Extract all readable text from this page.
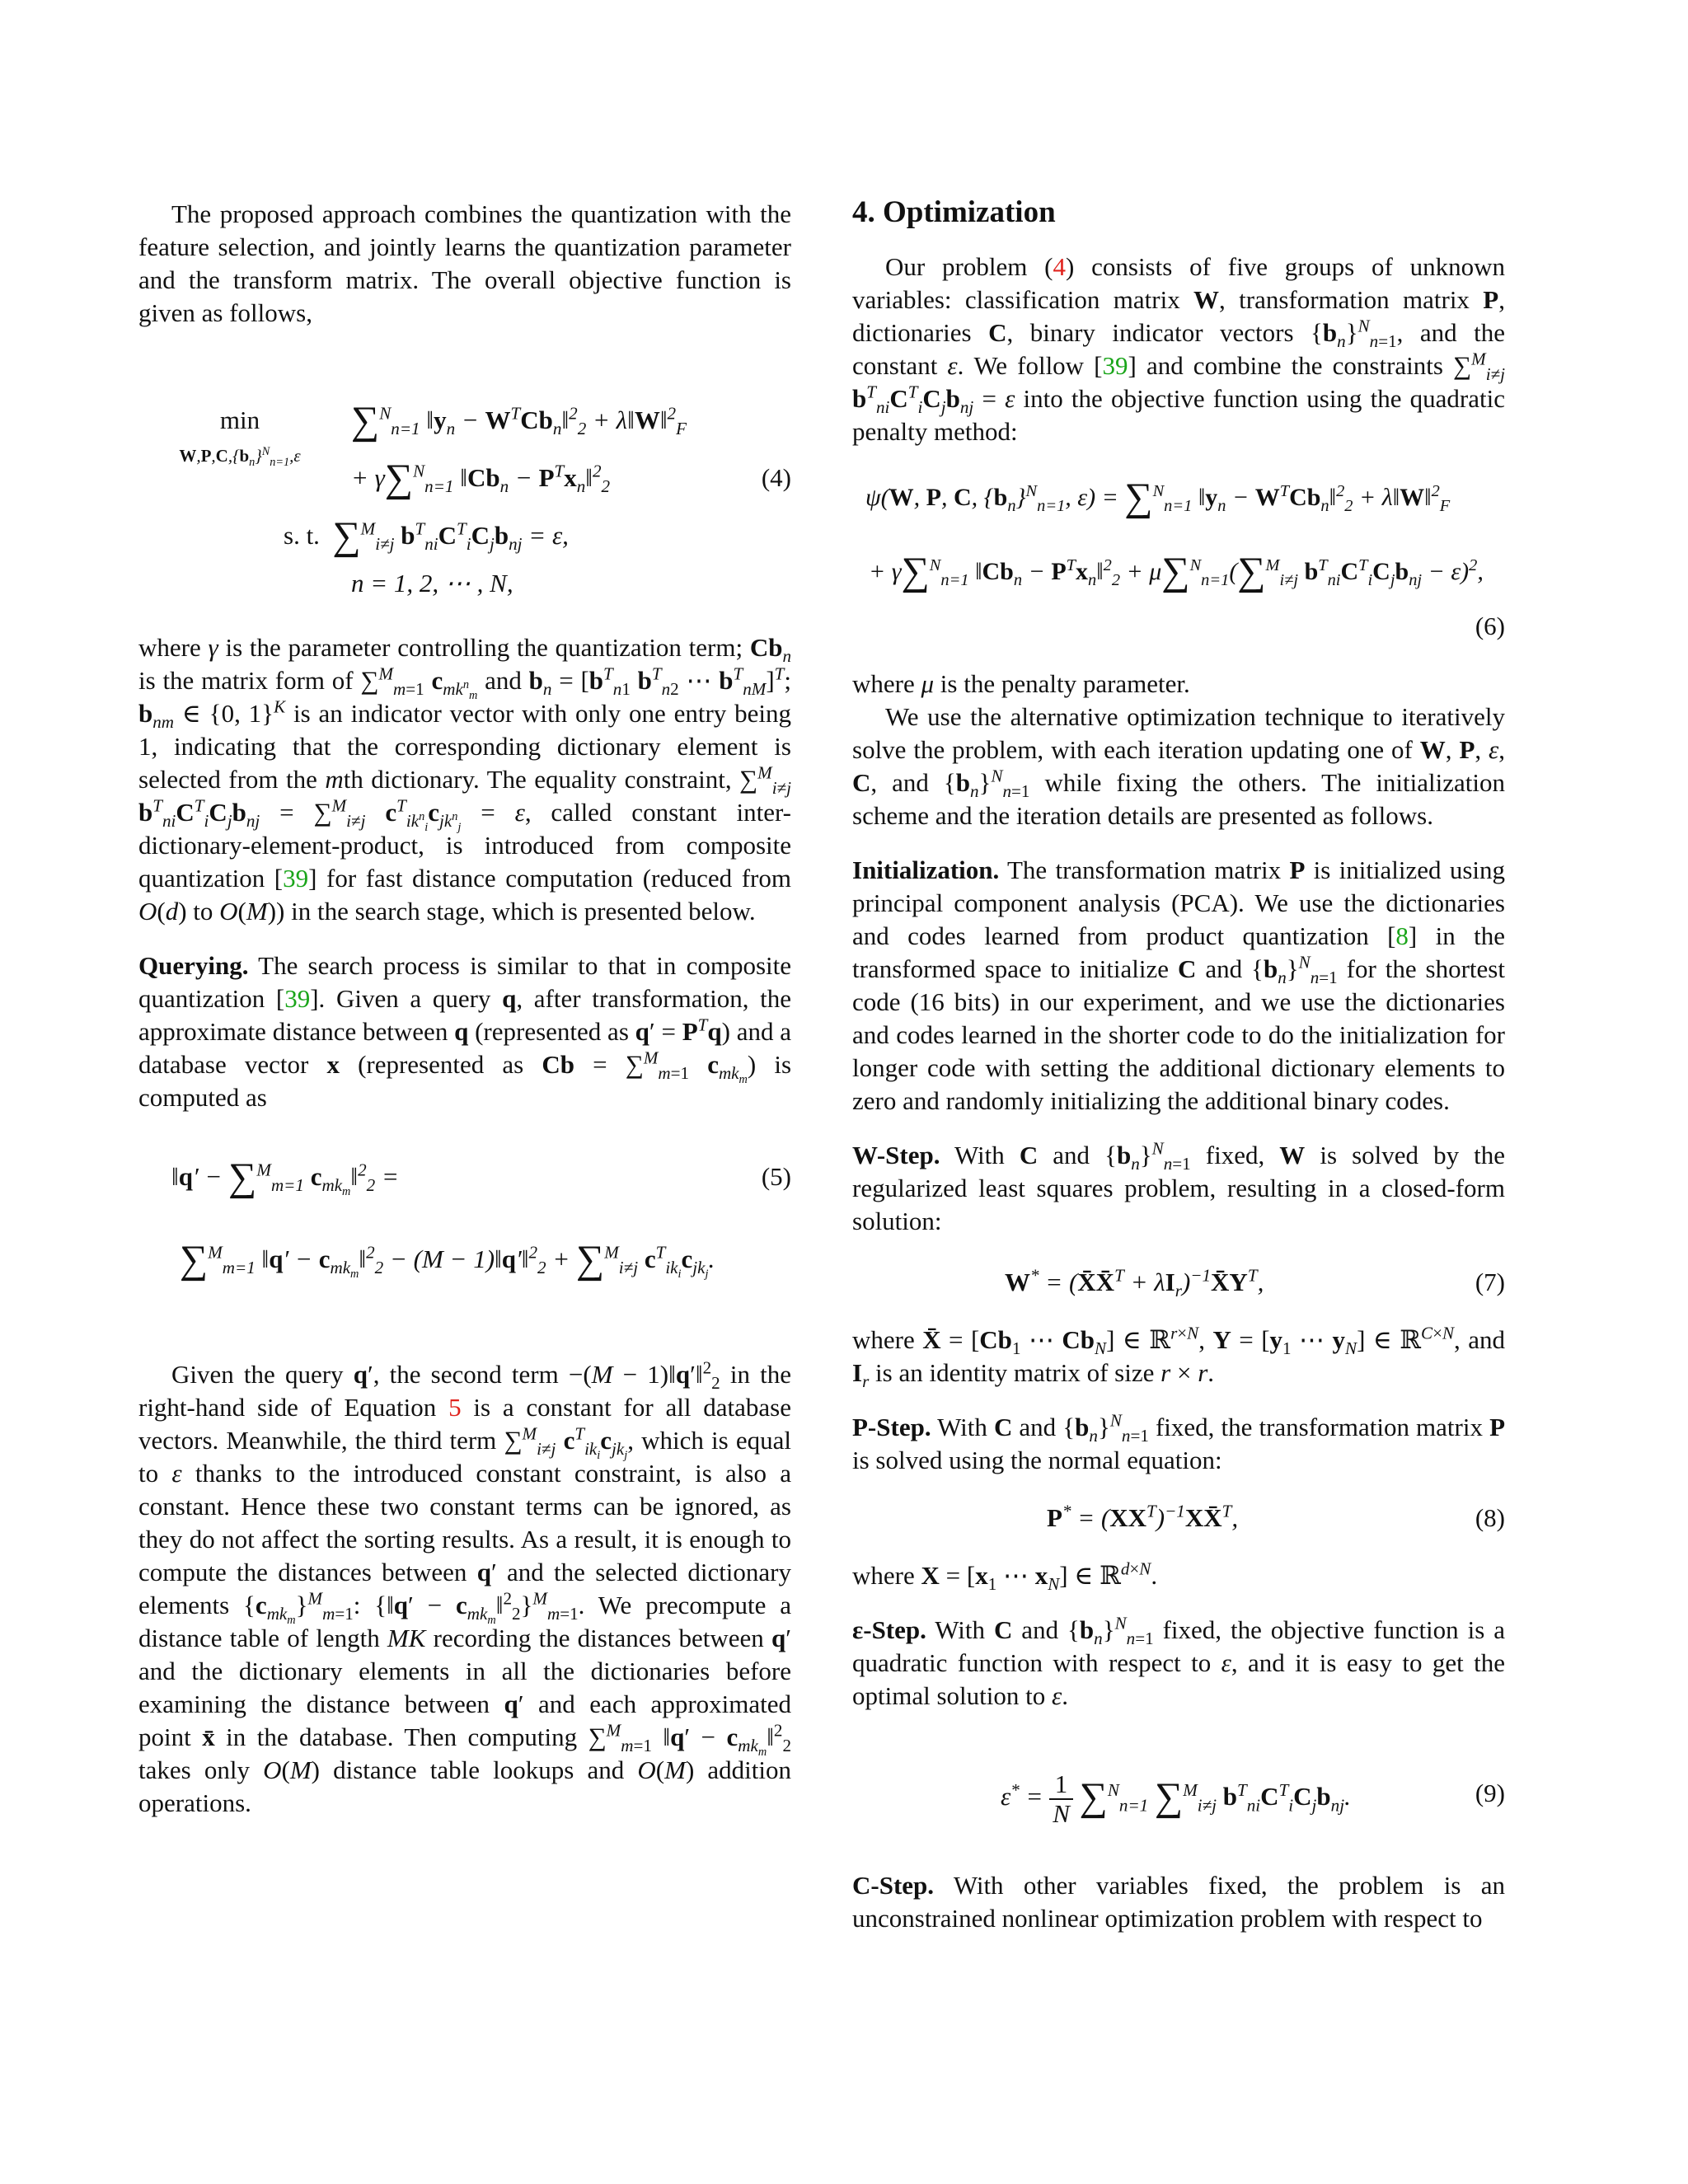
The proposed approach combines the quantization with the feature selection, and jointly learns the quantization parameter and the transform matrix. The overall objective function is given as follows,

min
$W,P,C,\{b_n\}^N_{n=1},\varepsilon$
∑$^N_{n=1}$ $‖y_n$ − $W^TCb_n‖^2_2$ + λ‖W‖$^2_F$
+ γ∑$^N_{n=1}$ $‖Cb_n$ − $P^Tx_n‖^2_2$	(4)
s. t. ∑$^M_{i\ne j}$ $b^T_{ni}C^T_iC_jb_{nj} = \varepsilon$,
n = 1, 2, ⋯ , N,

where γ is the parameter controlling the quantization term; $Cb_n$ is the matrix form of ∑$^M_{m=1}$ $c_{mk^n_m}$ and $b_n = [b^T_{n1}$ $b^T_{n2}$ ⋯ $b^T_{nM}]^T$; $b_{nm}$ ∈ {0, 1}$^K$ is an indicator vector with only one entry being 1, indicating that the corresponding dictionary element is selected from the mth dictionary. The equality constraint, ∑$^M_{i\ne j}$ $b^T_{ni}C^T_iC_jb_{nj} = \sum^M_{i\ne j}$ $c^T_{ik^n_i}c_{jk^n_j} = \varepsilon$, called constant inter-dictionary-element-product, is introduced from composite quantization [39] for fast distance computation (reduced from O(d) to O(M)) in the search stage, which is presented below.

Querying. The search process is similar to that in composite quantization [39]. Given a query q, after transformation, the approximate distance between q (represented as $q' = P^Tq$) and a database vector x (represented as Cb = ∑$^M_{m=1}$ $c_{mk_m}$) is computed as

‖q′ − ∑$^M_{m=1}$ $c_{mk_m}‖^2_2$ =	(5)
∑$^M_{m=1}$ ‖q′ − $c_{mk_m}‖^2_2 - (M$ − 1)‖q′‖$^2_2$ + ∑$^M_{i\ne j}$ $c^T_{ik_i}c_{jk_j}$.

Given the query q′, the second term −(M − 1)‖q′‖$^2_2$ in the right-hand side of Equation 5 is a constant for all database vectors. Meanwhile, the third term ∑$^M_{i\ne j}$ $c^T_{ik_i}c_{jk_j}$, which is equal to ε thanks to the introduced constant constraint, is also a constant. Hence these two constant terms can be ignored, as they do not affect the sorting results. As a result, it is enough to compute the distances between q′ and the selected dictionary elements $\{c_{mk_m}\}^M_{m=1}$: {‖q′ − $c_{mk_m}‖^2_2\}^M_{m=1}$. We precompute a distance table of length MK recording the distances between q′ and the dictionary elements in all the dictionaries before examining the distance between q′ and each approximated point x̄ in the database. Then computing ∑$^M_{m=1}$ ‖q′ − $c_{mk_m}‖^2_2$ takes only O(M) distance table lookups and O(M) addition operations.

4. Optimization

Our problem (4) consists of five groups of unknown variables: classification matrix W, transformation matrix P, dictionaries C, binary indicator vectors $\{b_n\}^N_{n=1}$, and the constant ε. We follow [39] and combine the constraints ∑$^M_{i\ne j}$ $b^T_{ni}C^T_iC_jb_{nj} = \varepsilon$ into the objective function using the quadratic penalty method:

ψ(W, P, C, $\{b_n\}^N_{n=1}$, ε) = ∑$^N_{n=1}$ $‖y_n$ − $W^TCb_n‖^2_2$ + λ‖W‖$^2_F$
+ γ∑$^N_{n=1}$ $‖Cb_n$ − $P^Tx_n‖^2_2 + \mu\sum^N_{n=1}(\sum^M_{i\ne j}$ $b^T_{ni}C^T_iC_jb_{nj} - \varepsilon)^2$,
(6)

where μ is the penalty parameter.

We use the alternative optimization technique to iteratively solve the problem, with each iteration updating one of W, P, ε, C, and $\{b_n\}^N_{n=1}$ while fixing the others. The initialization scheme and the iteration details are presented as follows.

Initialization. The transformation matrix P is initialized using principal component analysis (PCA). We use the dictionaries and codes learned from product quantization [8] in the transformed space to initialize C and $\{b_n\}^N_{n=1}$ for the shortest code (16 bits) in our experiment, and we use the dictionaries and codes learned in the shorter code to do the initialization for longer code with setting the additional dictionary elements to zero and randomly initializing the additional binary codes.

W-Step. With C and $\{b_n\}^N_{n=1}$ fixed, W is solved by the regularized least squares problem, resulting in a closed-form solution:

W* = (X̄X̄$^T$ + $\lambda I_r)^{-1}X̄Y^T$,	(7)

where X̄ = [$Cb_1$ ⋯ $Cb_N$] ∈ ℝ$^{r\times N}$, $Y = [y_1$ ⋯ $y_N$] ∈ ℝ$^{C\times N}$, and $I_r$ is an identity matrix of size r × r.

P-Step. With C and $\{b_n\}^N_{n=1}$ fixed, the transformation matrix P is solved using the normal equation:

$P^* = (XX^T)^{-1}XX̄^T$,	(8)

where $X = [x_1$ ⋯ $x_N$] ∈ ℝ$^{d\times N}$.

ε-Step. With C and $\{b_n\}^N_{n=1}$ fixed, the objective function is a quadratic function with respect to ε, and it is easy to get the optimal solution to ε.

ε* = 1
N ∑$^N_{n=1}$ ∑$^M_{i\ne j}$ $b^T_{ni}C^T_iC_jb_{nj}$.	(9)

C-Step. With other variables fixed, the problem is an unconstrained nonlinear optimization problem with respect to
